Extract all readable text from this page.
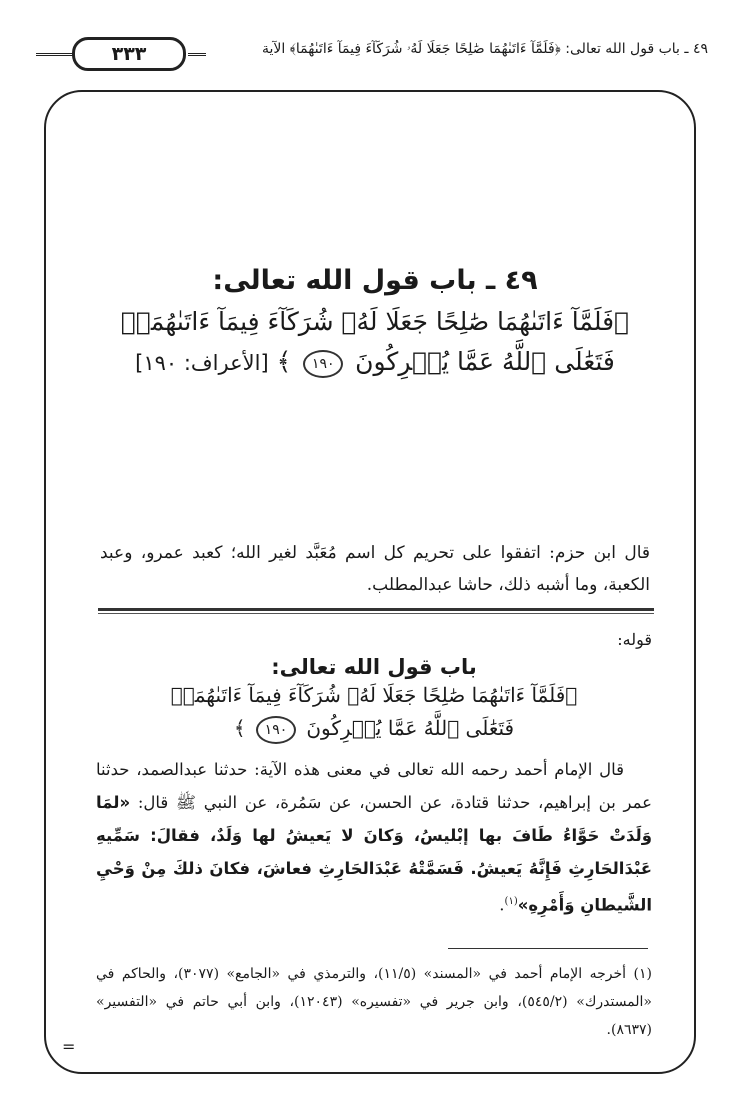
٣٣٣	٤٩ ـ باب قول الله تعالى: ﴿فَلَمَّآ ءَاتَىٰهُمَا صَٰلِحًا جَعَلَا لَهُۥ شُرَكَآءَ فِيمَآ ءَاتَىٰهُمَا﴾ الآية

٤٩ ـ باب قول الله تعالى:

﴿فَلَمَّآ ءَاتَىٰهُمَا صَٰلِحًا جَعَلَا لَهُۥ شُرَكَآءَ فِيمَآ ءَاتَىٰهُمَآۚ

فَتَعَٰلَى ٱللَّهُ عَمَّا يُشۡرِكُونَ ١٩٠ ﴾ [الأعراف: ١٩٠]

قال ابن حزم: اتفقوا على تحريم كل اسم مُعَبَّد لغير الله؛ كعبد عمرو، وعبد الكعبة، وما أشبه ذلك، حاشا عبدالمطلب.

قوله:

باب قول الله تعالى:

﴿فَلَمَّآ ءَاتَىٰهُمَا صَٰلِحًا جَعَلَا لَهُۥ شُرَكَآءَ فِيمَآ ءَاتَىٰهُمَاۚ

فَتَعَٰلَى ٱللَّهُ عَمَّا يُشۡرِكُونَ ١٩٠ ﴾

قال الإمام أحمد رحمه الله تعالى في معنى هذه الآية: حدثنا عبدالصمد، حدثنا عمر بن إبراهيم، حدثنا قتادة، عن الحسن، عن سَمُرة، عن النبي ﷺ قال: «لمَا وَلَدَتْ حَوَّاءُ طَافَ بها إبْليسُ، وَكانَ لا يَعيشُ لها وَلَدٌ، فقالَ: سَمِّيهِ عَبْدَالحَارِثِ فَإِنَّهُ يَعيشُ. فَسَمَّتْهُ عَبْدَالحَارِثِ فعاشَ، فكانَ ذلكَ مِنْ وَحْيِ الشَّيطانِ وَأَمْرِهِ»$^{(١)}$.

(١) أخرجه الإمام أحمد في «المسند» (١١/٥)، والترمذي في «الجامع» (٣٠٧٧)، والحاكم في «المستدرك» (٥٤٥/٢)، وابن جرير في «تفسيره» (١٢٠٤٣)، وابن أبي حاتم في «التفسير» (٨٦٣٧).
=
